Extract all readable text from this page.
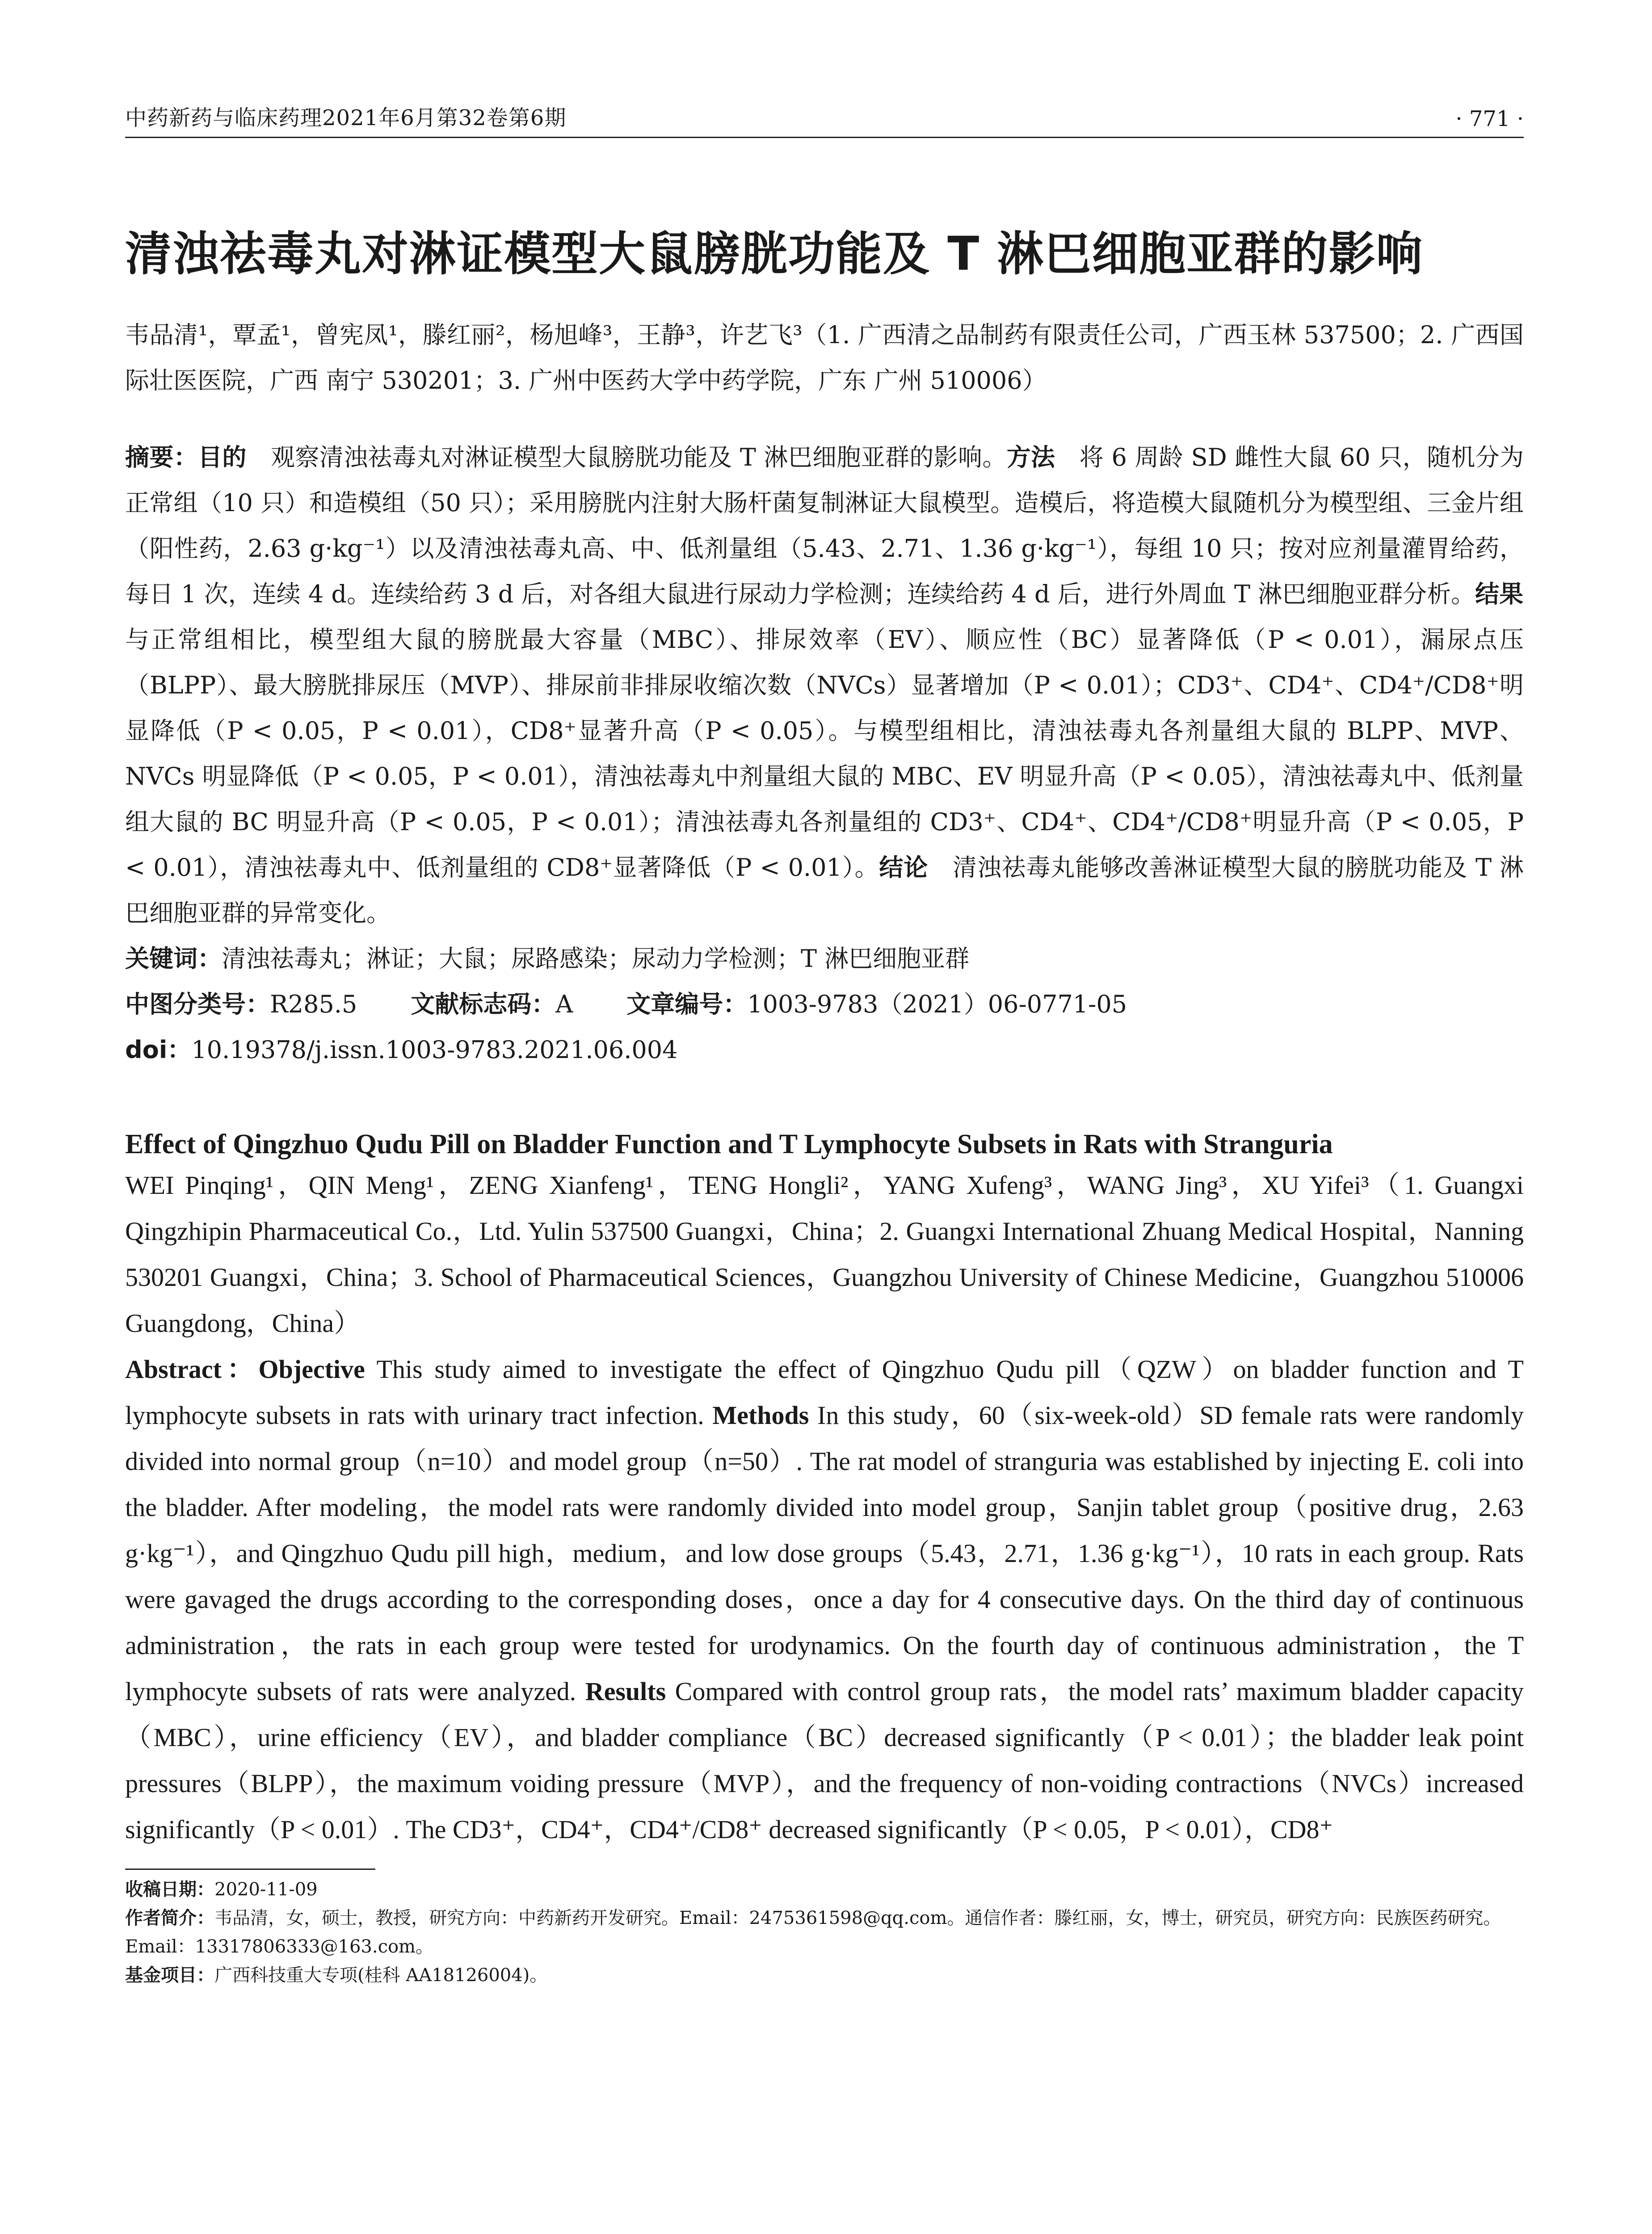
中药新药与临床药理2021年6月第32卷第6期	· 771 ·
清浊祛毒丸对淋证模型大鼠膀胱功能及 T 淋巴细胞亚群的影响
韦品清¹，覃孟¹，曾宪凤¹，滕红丽²，杨旭峰³，王静³，许艺飞³（1. 广西清之品制药有限责任公司，广西玉林 537500；2. 广西国际壮医医院，广西 南宁 530201；3. 广州中医药大学中药学院，广东 广州 510006）
摘要：目的　观察清浊祛毒丸对淋证模型大鼠膀胱功能及 T 淋巴细胞亚群的影响。方法　将 6 周龄 SD 雌性大鼠 60 只，随机分为正常组（10 只）和造模组（50 只）；采用膀胱内注射大肠杆菌复制淋证大鼠模型。造模后，将造模大鼠随机分为模型组、三金片组（阳性药，2.63 g·kg⁻¹）以及清浊祛毒丸高、中、低剂量组（5.43、2.71、1.36 g·kg⁻¹），每组 10 只；按对应剂量灌胃给药，每日 1 次，连续 4 d。连续给药 3 d 后，对各组大鼠进行尿动力学检测；连续给药 4 d 后，进行外周血 T 淋巴细胞亚群分析。结果　与正常组相比，模型组大鼠的膀胱最大容量（MBC）、排尿效率（EV）、顺应性（BC）显著降低（P < 0.01），漏尿点压（BLPP）、最大膀胱排尿压（MVP）、排尿前非排尿收缩次数（NVCs）显著增加（P < 0.01）；CD3⁺、CD4⁺、CD4⁺/CD8⁺明显降低（P < 0.05，P < 0.01），CD8⁺显著升高（P < 0.05）。与模型组相比，清浊祛毒丸各剂量组大鼠的 BLPP、MVP、NVCs 明显降低（P < 0.05，P < 0.01），清浊祛毒丸中剂量组大鼠的 MBC、EV 明显升高（P < 0.05），清浊祛毒丸中、低剂量组大鼠的 BC 明显升高（P < 0.05，P < 0.01）；清浊祛毒丸各剂量组的 CD3⁺、CD4⁺、CD4⁺/CD8⁺明显升高（P < 0.05，P < 0.01），清浊祛毒丸中、低剂量组的 CD8⁺显著降低（P < 0.01）。结论　清浊祛毒丸能够改善淋证模型大鼠的膀胱功能及 T 淋巴细胞亚群的异常变化。
关键词：清浊祛毒丸；淋证；大鼠；尿路感染；尿动力学检测；T 淋巴细胞亚群
中图分类号：R285.5 文献标志码：A 文章编号：1003-9783（2021）06-0771-05
doi：10.19378/j.issn.1003-9783.2021.06.004
Effect of Qingzhuo Qudu Pill on Bladder Function and T Lymphocyte Subsets in Rats with Stranguria
WEI Pinqing¹，QIN Meng¹，ZENG Xianfeng¹，TENG Hongli²，YANG Xufeng³，WANG Jing³，XU Yifei³（1. Guangxi Qingzhipin Pharmaceutical Co.，Ltd. Yulin 537500 Guangxi，China；2. Guangxi International Zhuang Medical Hospital，Nanning 530201 Guangxi，China；3. School of Pharmaceutical Sciences，Guangzhou University of Chinese Medicine，Guangzhou 510006 Guangdong，China）
Abstract：Objective This study aimed to investigate the effect of Qingzhuo Qudu pill（QZW）on bladder function and T lymphocyte subsets in rats with urinary tract infection. Methods In this study，60（six-week-old）SD female rats were randomly divided into normal group（n=10）and model group（n=50）. The rat model of stranguria was established by injecting E. coli into the bladder. After modeling，the model rats were randomly divided into model group，Sanjin tablet group（positive drug，2.63 g·kg⁻¹），and Qingzhuo Qudu pill high，medium，and low dose groups（5.43，2.71，1.36 g·kg⁻¹），10 rats in each group. Rats were gavaged the drugs according to the corresponding doses，once a day for 4 consecutive days. On the third day of continuous administration，the rats in each group were tested for urodynamics. On the fourth day of continuous administration，the T lymphocyte subsets of rats were analyzed. Results Compared with control group rats，the model rats’ maximum bladder capacity（MBC），urine efficiency（EV），and bladder compliance（BC）decreased significantly（P < 0.01）；the bladder leak point pressures（BLPP），the maximum voiding pressure（MVP），and the frequency of non-voiding contractions（NVCs）increased significantly（P < 0.01）. The CD3⁺，CD4⁺，CD4⁺/CD8⁺ decreased significantly（P < 0.05，P < 0.01），CD8⁺
收稿日期：2020-11-09
作者简介：韦品清，女，硕士，教授，研究方向：中药新药开发研究。Email：2475361598@qq.com。通信作者：滕红丽，女，博士，研究员，研究方向：民族医药研究。Email：13317806333@163.com。
基金项目：广西科技重大专项(桂科 AA18126004)。
